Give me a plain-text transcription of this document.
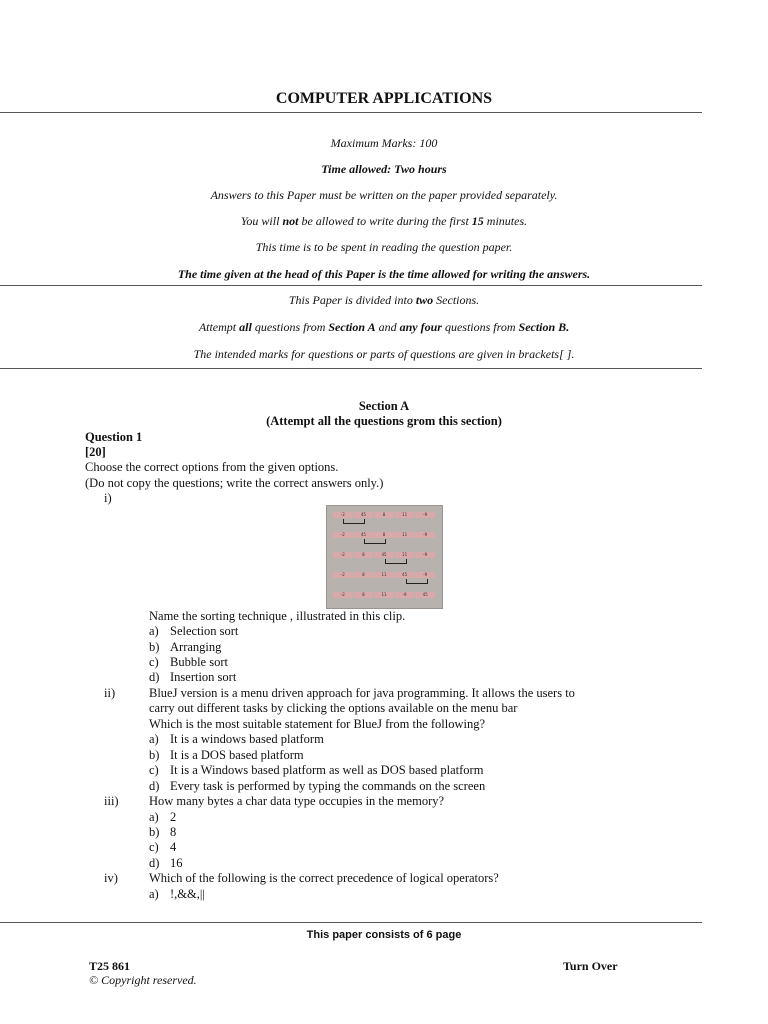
COMPUTER APPLICATIONS
Maximum Marks: 100
Time allowed: Two hours
Answers to this Paper must be written on the paper provided separately.
You will not be allowed to write during the first 15 minutes.
This time is to be spent in reading the question paper.
The time given at the head of this Paper is the time allowed for writing the answers.
This Paper is divided into two Sections.
Attempt all questions from Section A and any four questions from Section B.
The intended marks for questions or parts of questions are given in brackets[ ].
Section A
(Attempt all the questions grom this section)
Question 1
[20]
Choose the correct options from the given options.
(Do not copy the questions; write the correct answers only.)
i)
-2	45	8	11	-9
-2	45	8	11	-9
-2	8	45	11	-9
-2	8	11	45	-9
-2	8	11	-9	45
Name the sorting technique , illustrated in this clip.
a) Selection sort
b) Arranging
c) Bubble sort
d) Insertion sort
ii)	BlueJ version is a menu driven approach for java programming. It allows the users to
carry out different tasks by clicking the options available on the menu bar
Which is the most suitable statement for BlueJ from the following?
a) It is a windows based platform
b) It is a DOS based platform
c) It is a Windows based platform as well as DOS based platform
d) Every task is performed by typing the commands on the screen
iii) How many bytes a char data type occupies in the memory?
a) 2
b) 8
c) 4
d) 16
iv) Which of the following is the correct precedence of logical operators?
a) !,&&,||
This paper consists of 6 page
T25 861
© Copyright reserved.
Turn Over
